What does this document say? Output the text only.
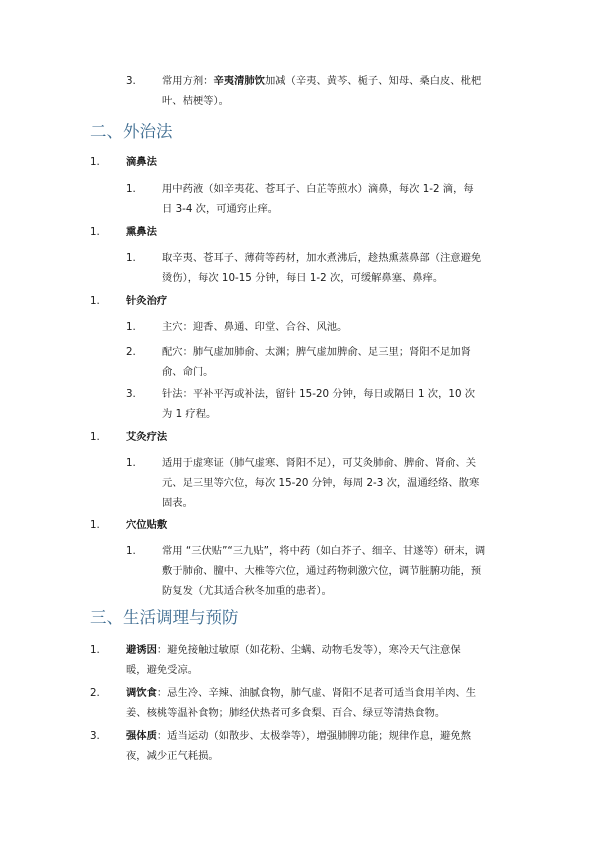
3.	常用方剂：辛夷清肺饮加减（辛夷、黄芩、栀子、知母、桑白皮、枇杷
叶、桔梗等）。
二、外治法
1.	滴鼻法
1.	用中药液（如辛夷花、苍耳子、白芷等煎水）滴鼻，每次 1-2 滴，每
日 3-4 次，可通窍止痒。
1.	熏鼻法
1.	取辛夷、苍耳子、薄荷等药材，加水煮沸后，趁热熏蒸鼻部（注意避免
烫伤），每次 10-15 分钟，每日 1-2 次，可缓解鼻塞、鼻痒。
1.	针灸治疗
1.	主穴：迎香、鼻通、印堂、合谷、风池。
2.	配穴：肺气虚加肺俞、太渊；脾气虚加脾俞、足三里；肾阳不足加肾
俞、命门。
3.	针法：平补平泻或补法，留针 15-20 分钟，每日或隔日 1 次，10 次
为 1 疗程。
1.	艾灸疗法
1.	适用于虚寒证（肺气虚寒、肾阳不足），可艾灸肺俞、脾俞、肾俞、关
元、足三里等穴位，每次 15-20 分钟，每周 2-3 次，温通经络、散寒
固表。
1.	穴位贴敷
1.	常用 “三伏贴”“三九贴”，将中药（如白芥子、细辛、甘遂等）研末，调
敷于肺俞、膻中、大椎等穴位，通过药物刺激穴位，调节脏腑功能，预
防复发（尤其适合秋冬加重的患者）。
三、生活调理与预防
1.	避诱因：避免接触过敏原（如花粉、尘螨、动物毛发等），寒冷天气注意保
暖，避免受凉。
2.	调饮食：忌生冷、辛辣、油腻食物，肺气虚、肾阳不足者可适当食用羊肉、生
姜、核桃等温补食物；肺经伏热者可多食梨、百合、绿豆等清热食物。
3.	强体质：适当运动（如散步、太极拳等），增强肺脾功能；规律作息，避免熬
夜，减少正气耗损。
